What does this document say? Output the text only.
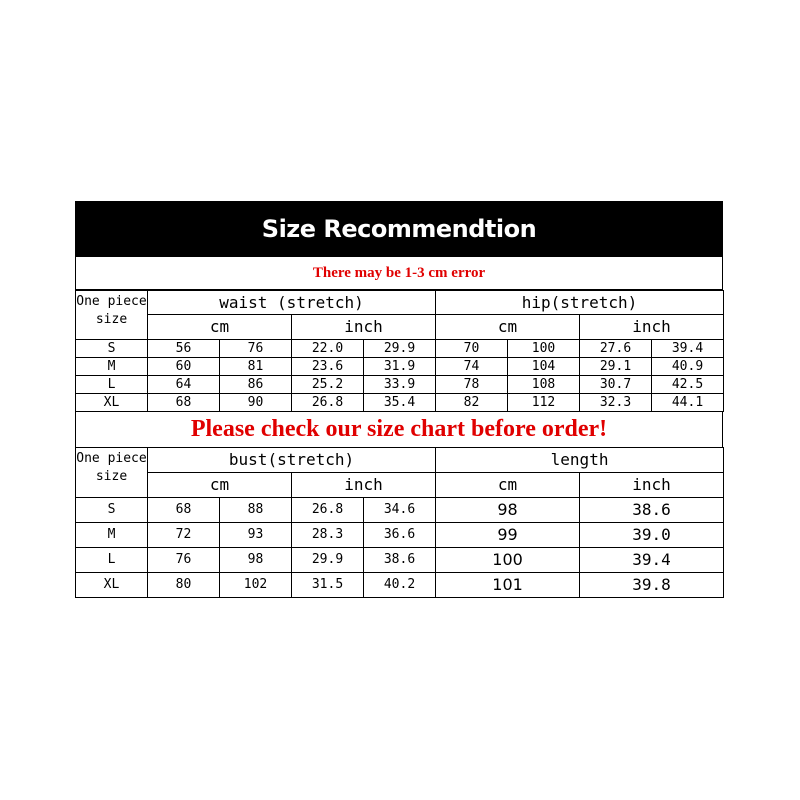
Size Recommendtion
There may be 1-3 cm error
One piece size	waist (stretch)				hip(stretch)			
	cm		inch		cm		inch	
S	56	76	22.0	29.9	70	100	27.6	39.4
M	60	81	23.6	31.9	74	104	29.1	40.9
L	64	86	25.2	33.9	78	108	30.7	42.5
XL	68	90	26.8	35.4	82	112	32.3	44.1
Please check our size chart before order!
One piece size	bust(stretch)				length	
	cm		inch		cm	inch
S	68	88	26.8	34.6	98	38.6
M	72	93	28.3	36.6	99	39.0
L	76	98	29.9	38.6	100	39.4
XL	80	102	31.5	40.2	101	39.8
